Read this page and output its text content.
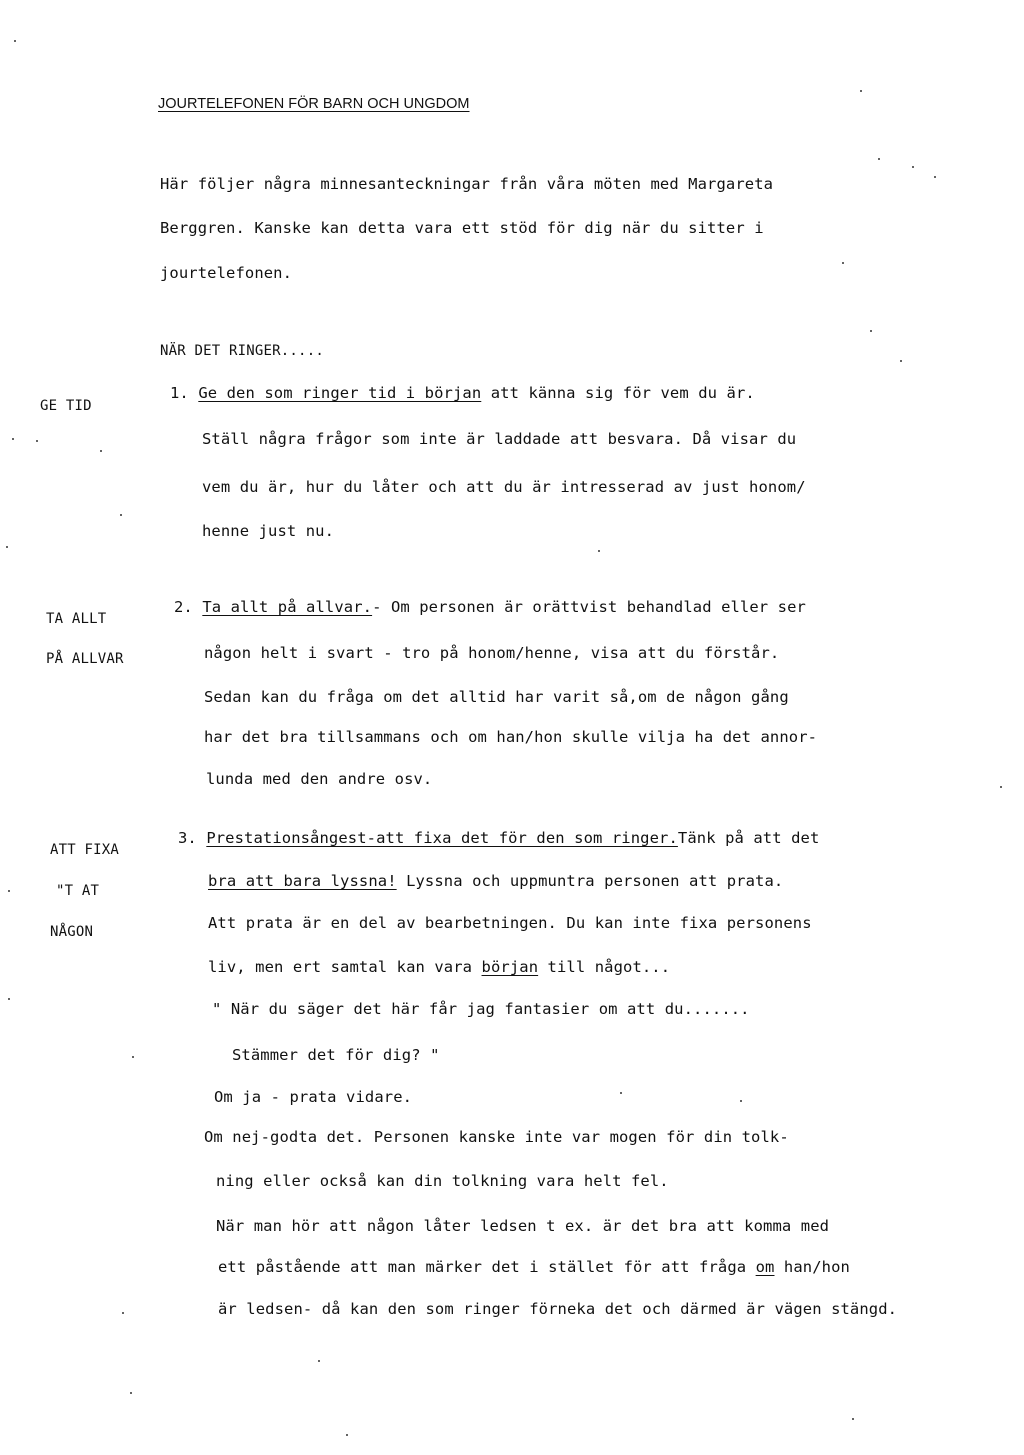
JOURTELEFONEN FÖR BARN OCH UNGDOM
Här följer några minnesanteckningar från våra möten med Margareta
Berggren. Kanske kan detta vara ett stöd för dig när du sitter i
jourtelefonen.
NÄR DET RINGER.....
GE TID
TA ALLT
PÅ ALLVAR
ATT FIXA
"T AT
NÅGON
1. Ge den som ringer tid i början att känna sig för vem du är.
Ställ några frågor som inte är laddade att besvara. Då visar du
vem du är, hur du låter och att du är intresserad av just honom/
henne just nu.
2. Ta allt på allvar.- Om personen är orättvist behandlad eller ser
någon helt i svart - tro på honom/henne, visa att du förstår.
Sedan kan du fråga om det alltid har varit så,om de någon gång
har det bra tillsammans och om han/hon skulle vilja ha det annor-
lunda med den andre osv.
3. Prestationsångest-att fixa det för den som ringer.Tänk på att det
bra att bara lyssna! Lyssna och uppmuntra personen att prata.
Att prata är en del av bearbetningen. Du kan inte fixa personens
liv, men ert samtal kan vara början till något...
" När du säger det här får jag fantasier om att du.......
Stämmer det för dig? "
Om ja - prata vidare.
Om nej-godta det. Personen kanske inte var mogen för din tolk-
ning eller också kan din tolkning vara helt fel.
När man hör att någon låter ledsen t ex. är det bra att komma med
ett påstående att man märker det i stället för att fråga om han/hon
är ledsen- då kan den som ringer förneka det och därmed är vägen stängd.
